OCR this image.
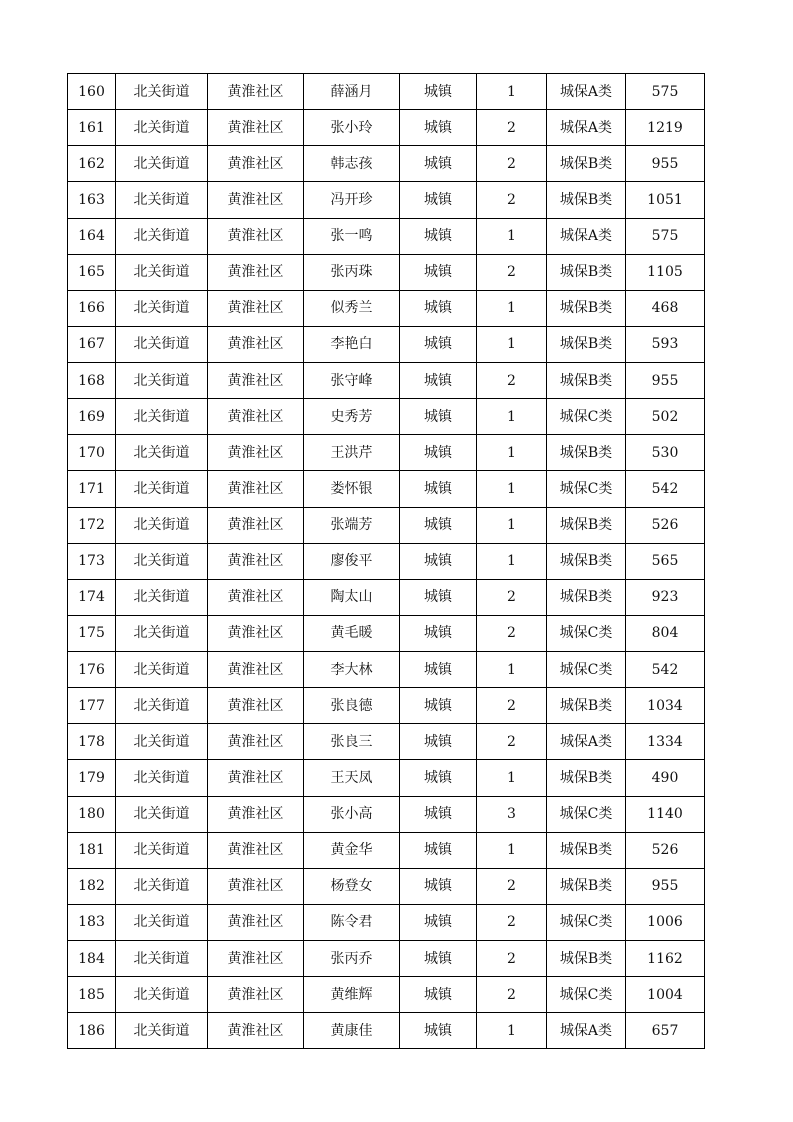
160	北关街道	黄淮社区	薛涵月	城镇	1	城保A类	575
161	北关街道	黄淮社区	张小玲	城镇	2	城保A类	1219
162	北关街道	黄淮社区	韩志孩	城镇	2	城保B类	955
163	北关街道	黄淮社区	冯开珍	城镇	2	城保B类	1051
164	北关街道	黄淮社区	张一鸣	城镇	1	城保A类	575
165	北关街道	黄淮社区	张丙珠	城镇	2	城保B类	1105
166	北关街道	黄淮社区	似秀兰	城镇	1	城保B类	468
167	北关街道	黄淮社区	李艳白	城镇	1	城保B类	593
168	北关街道	黄淮社区	张守峰	城镇	2	城保B类	955
169	北关街道	黄淮社区	史秀芳	城镇	1	城保C类	502
170	北关街道	黄淮社区	王洪芹	城镇	1	城保B类	530
171	北关街道	黄淮社区	娄怀银	城镇	1	城保C类	542
172	北关街道	黄淮社区	张端芳	城镇	1	城保B类	526
173	北关街道	黄淮社区	廖俊平	城镇	1	城保B类	565
174	北关街道	黄淮社区	陶太山	城镇	2	城保B类	923
175	北关街道	黄淮社区	黄毛暖	城镇	2	城保C类	804
176	北关街道	黄淮社区	李大林	城镇	1	城保C类	542
177	北关街道	黄淮社区	张良德	城镇	2	城保B类	1034
178	北关街道	黄淮社区	张良三	城镇	2	城保A类	1334
179	北关街道	黄淮社区	王天凤	城镇	1	城保B类	490
180	北关街道	黄淮社区	张小高	城镇	3	城保C类	1140
181	北关街道	黄淮社区	黄金华	城镇	1	城保B类	526
182	北关街道	黄淮社区	杨登女	城镇	2	城保B类	955
183	北关街道	黄淮社区	陈令君	城镇	2	城保C类	1006
184	北关街道	黄淮社区	张丙乔	城镇	2	城保B类	1162
185	北关街道	黄淮社区	黄维辉	城镇	2	城保C类	1004
186	北关街道	黄淮社区	黄康佳	城镇	1	城保A类	657
